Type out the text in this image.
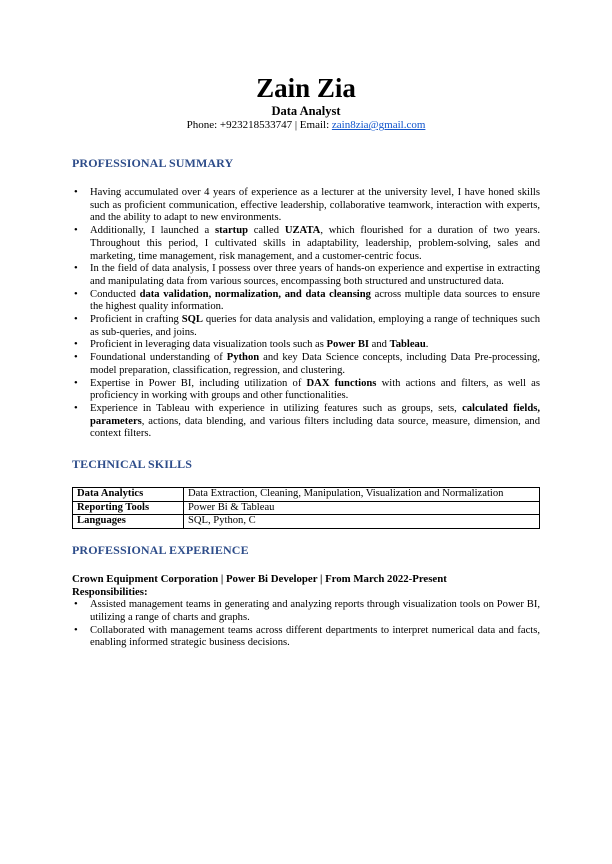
Zain Zia
Data Analyst
Phone: +923218533747 | Email: zain8zia@gmail.com
PROFESSIONAL SUMMARY
• Having accumulated over 4 years of experience as a lecturer at the university level, I have honed skills such as proficient communication, effective leadership, collaborative teamwork, interaction with experts, and the ability to adapt to new environments.
• Additionally, I launched a startup called UZATA, which flourished for a duration of two years. Throughout this period, I cultivated skills in adaptability, leadership, problem-solving, sales and marketing, time management, risk management, and a customer-centric focus.
• In the field of data analysis, I possess over three years of hands-on experience and expertise in extracting and manipulating data from various sources, encompassing both structured and unstructured data.
• Conducted data validation, normalization, and data cleansing across multiple data sources to ensure the highest quality information.
• Proficient in crafting SQL queries for data analysis and validation, employing a range of techniques such as sub-queries, and joins.
• Proficient in leveraging data visualization tools such as Power BI and Tableau.
• Foundational understanding of Python and key Data Science concepts, including Data Pre-processing, model preparation, classification, regression, and clustering.
• Expertise in Power BI, including utilization of DAX functions with actions and filters, as well as proficiency in working with groups and other functionalities.
• Experience in Tableau with experience in utilizing features such as groups, sets, calculated fields, parameters, actions, data blending, and various filters including data source, measure, dimension, and context filters.
TECHNICAL SKILLS
Data Analytics	Data Extraction, Cleaning, Manipulation, Visualization and Normalization
Reporting Tools	Power Bi & Tableau
Languages	SQL, Python, C
PROFESSIONAL EXPERIENCE
Crown Equipment Corporation | Power Bi Developer | From March 2022-Present
Responsibilities:
• Assisted management teams in generating and analyzing reports through visualization tools on Power BI, utilizing a range of charts and graphs.
• Collaborated with management teams across different departments to interpret numerical data and facts, enabling informed strategic business decisions.
